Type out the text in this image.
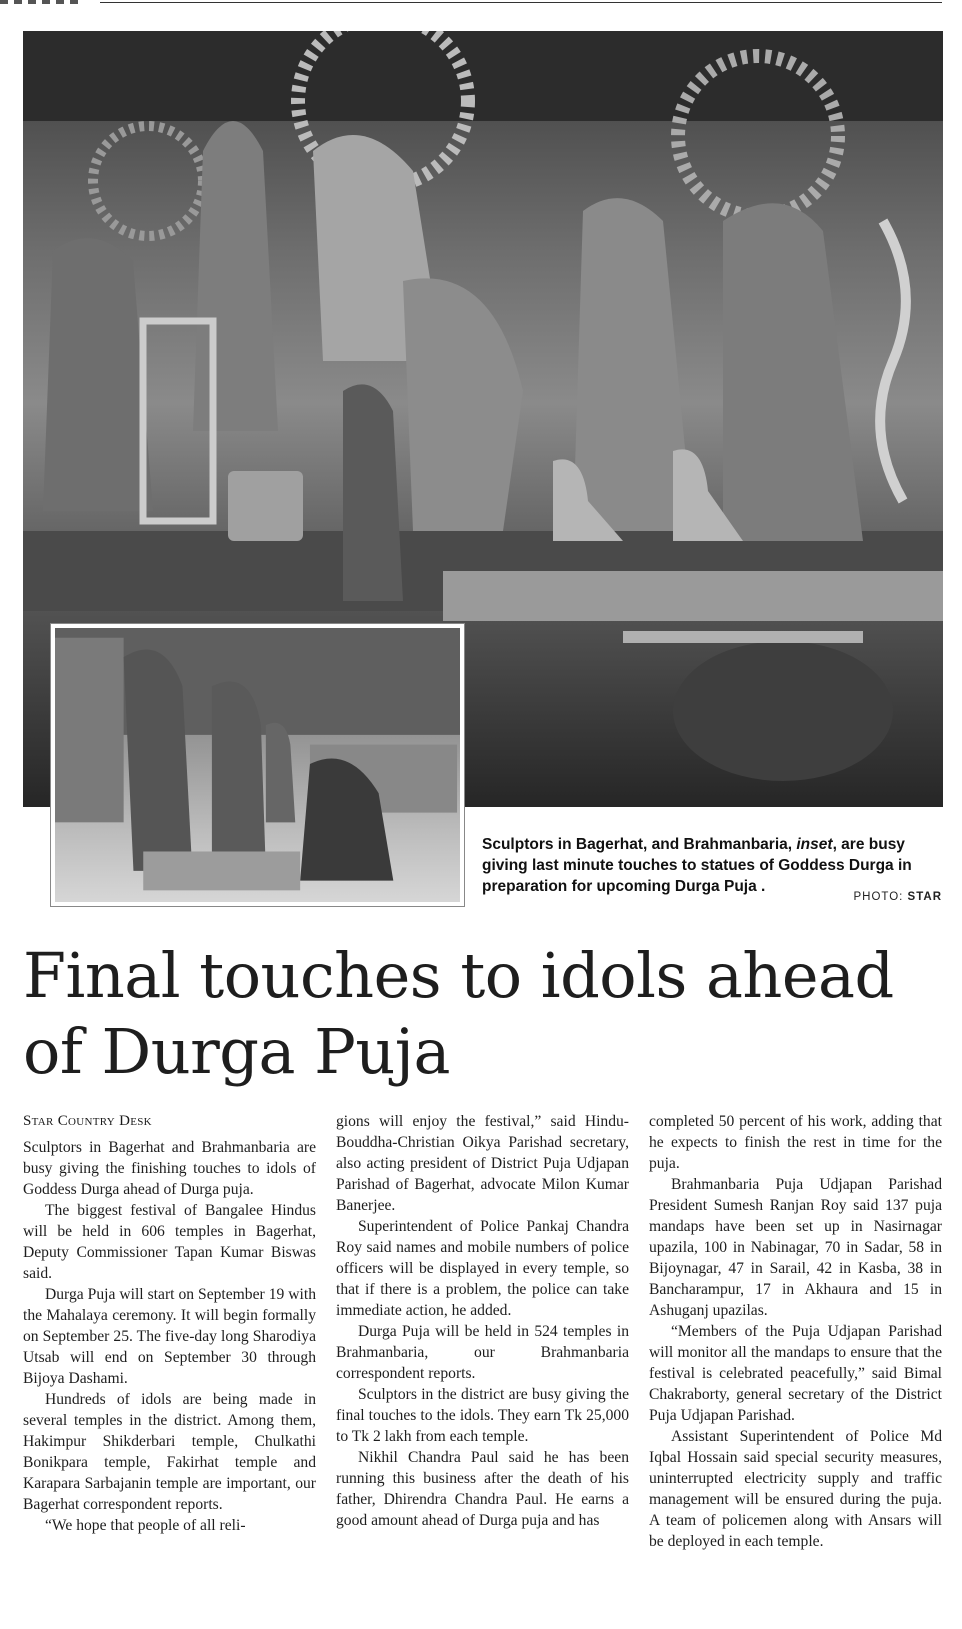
Sculptors in Bagerhat, and Brahmanbaria, inset, are busy giving last minute touches to statues of Goddess Durga in preparation for upcoming Durga Puja .
PHOTO: STAR
Final touches to idols ahead of Durga Puja
Star Country Desk

Sculptors in Bagerhat and Brahmanbaria are busy giving the finishing touches to idols of Goddess Durga ahead of Durga puja.

The biggest festival of Bangalee Hindus will be held in 606 temples in Bagerhat, Deputy Commissioner Tapan Kumar Biswas said.

Durga Puja will start on September 19 with the Mahalaya ceremony. It will begin formally on September 25. The five-day long Sharodiya Utsab will end on September 30 through Bijoya Dashami.

Hundreds of idols are being made in several temples in the district. Among them, Hakimpur Shikderbari temple, Chulkathi Bonikpara temple, Fakirhat temple and Karapara Sarbajanin temple are important, our Bagerhat correspondent reports.

“We hope that people of all reli-

gions will enjoy the festival,” said Hindu-Bouddha-Christian Oikya Parishad secretary, also acting president of District Puja Udjapan Parishad of Bagerhat, advocate Milon Kumar Banerjee.

Superintendent of Police Pankaj Chandra Roy said names and mobile numbers of police officers will be displayed in every temple, so that if there is a problem, the police can take immediate action, he added.

Durga Puja will be held in 524 temples in Brahmanbaria, our Brahmanbaria correspondent reports.

Sculptors in the district are busy giving the final touches to the idols. They earn Tk 25,000 to Tk 2 lakh from each temple.

Nikhil Chandra Paul said he has been running this business after the death of his father, Dhirendra Chandra Paul. He earns a good amount ahead of Durga puja and has

completed 50 percent of his work, adding that he expects to finish the rest in time for the puja.

Brahmanbaria Puja Udjapan Parishad President Sumesh Ranjan Roy said 137 puja mandaps have been set up in Nasirnagar upazila, 100 in Nabinagar, 70 in Sadar, 58 in Bijoynagar, 47 in Sarail, 42 in Kasba, 38 in Bancharampur, 17 in Akhaura and 15 in Ashuganj upazilas.

“Members of the Puja Udjapan Parishad will monitor all the mandaps to ensure that the festival is celebrated peacefully,” said Bimal Chakraborty, general secretary of the District Puja Udjapan Parishad.

Assistant Superintendent of Police Md Iqbal Hossain said special security measures, uninterrupted electricity supply and traffic management will be ensured during the puja. A team of policemen along with Ansars will be deployed in each temple.
